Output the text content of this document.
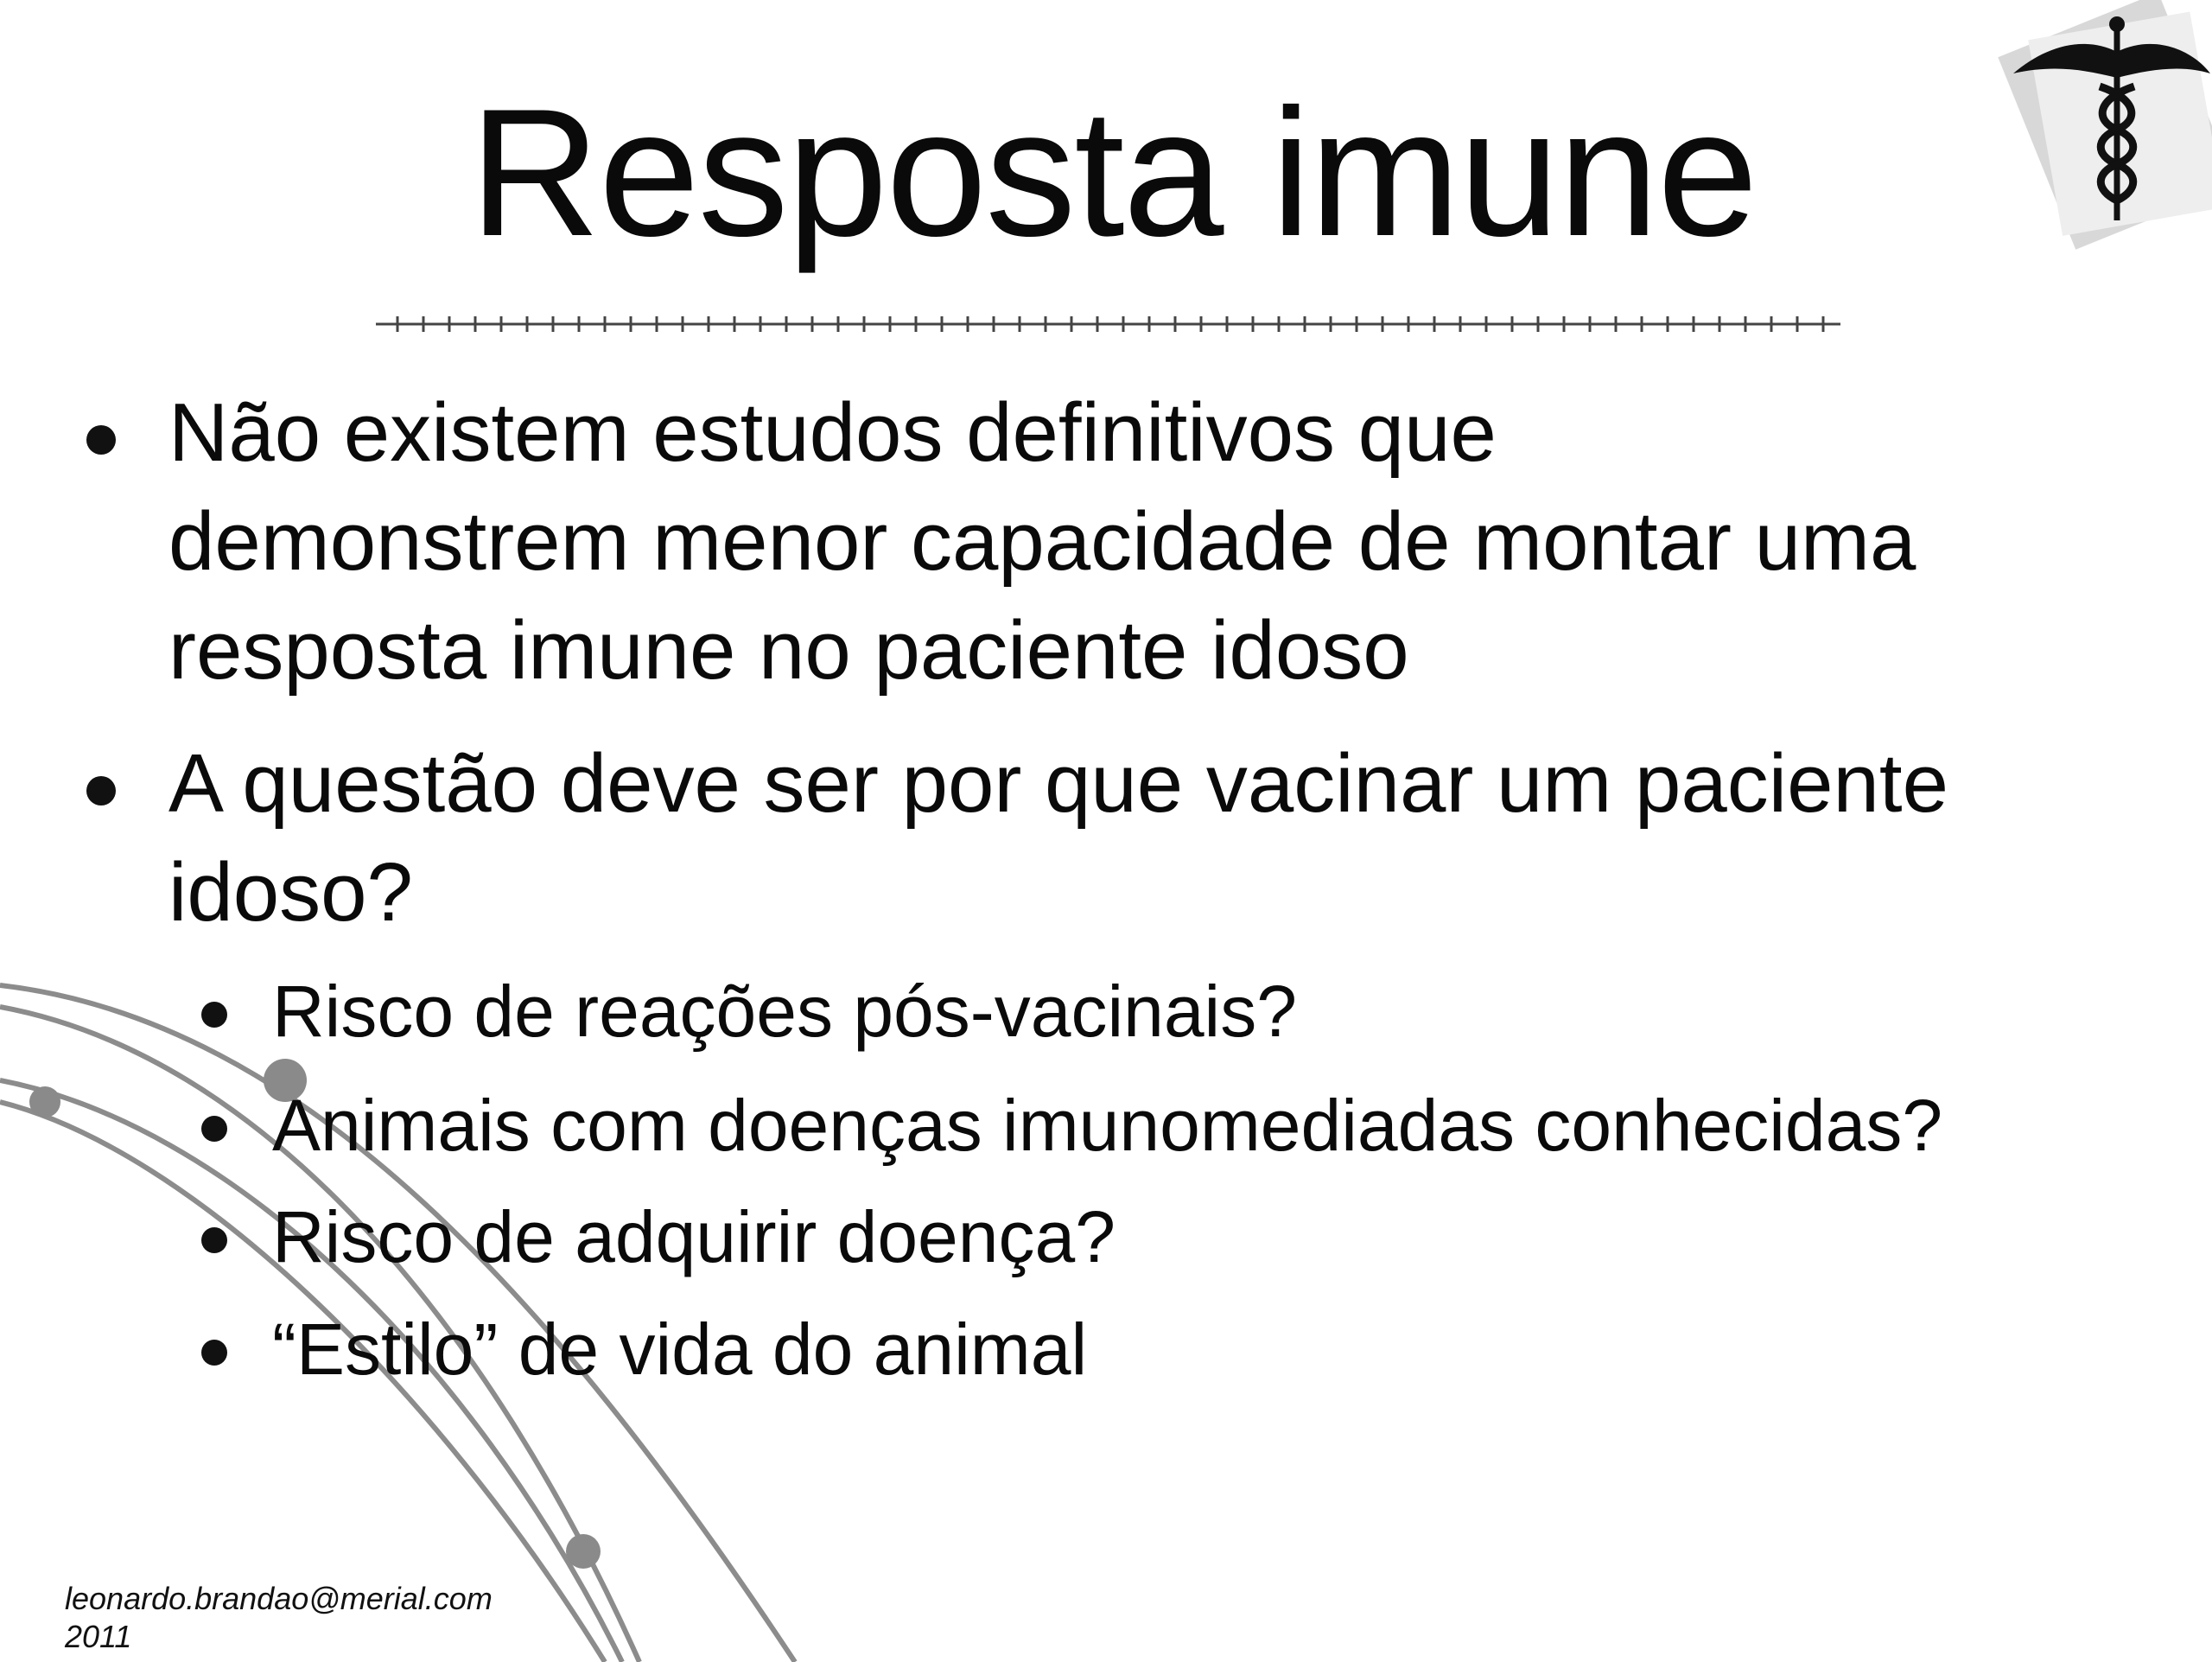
Resposta imune
Não existem estudos definitivos que
demonstrem menor capacidade de montar uma
resposta imune no paciente idoso
A questão deve ser por que vacinar um paciente
idoso?
Risco de reações pós-vacinais?
Animais com doenças imunomediadas conhecidas?
Risco de adquirir doença?
“Estilo” de vida do animal
leonardo.brandao@merial.com
2011
